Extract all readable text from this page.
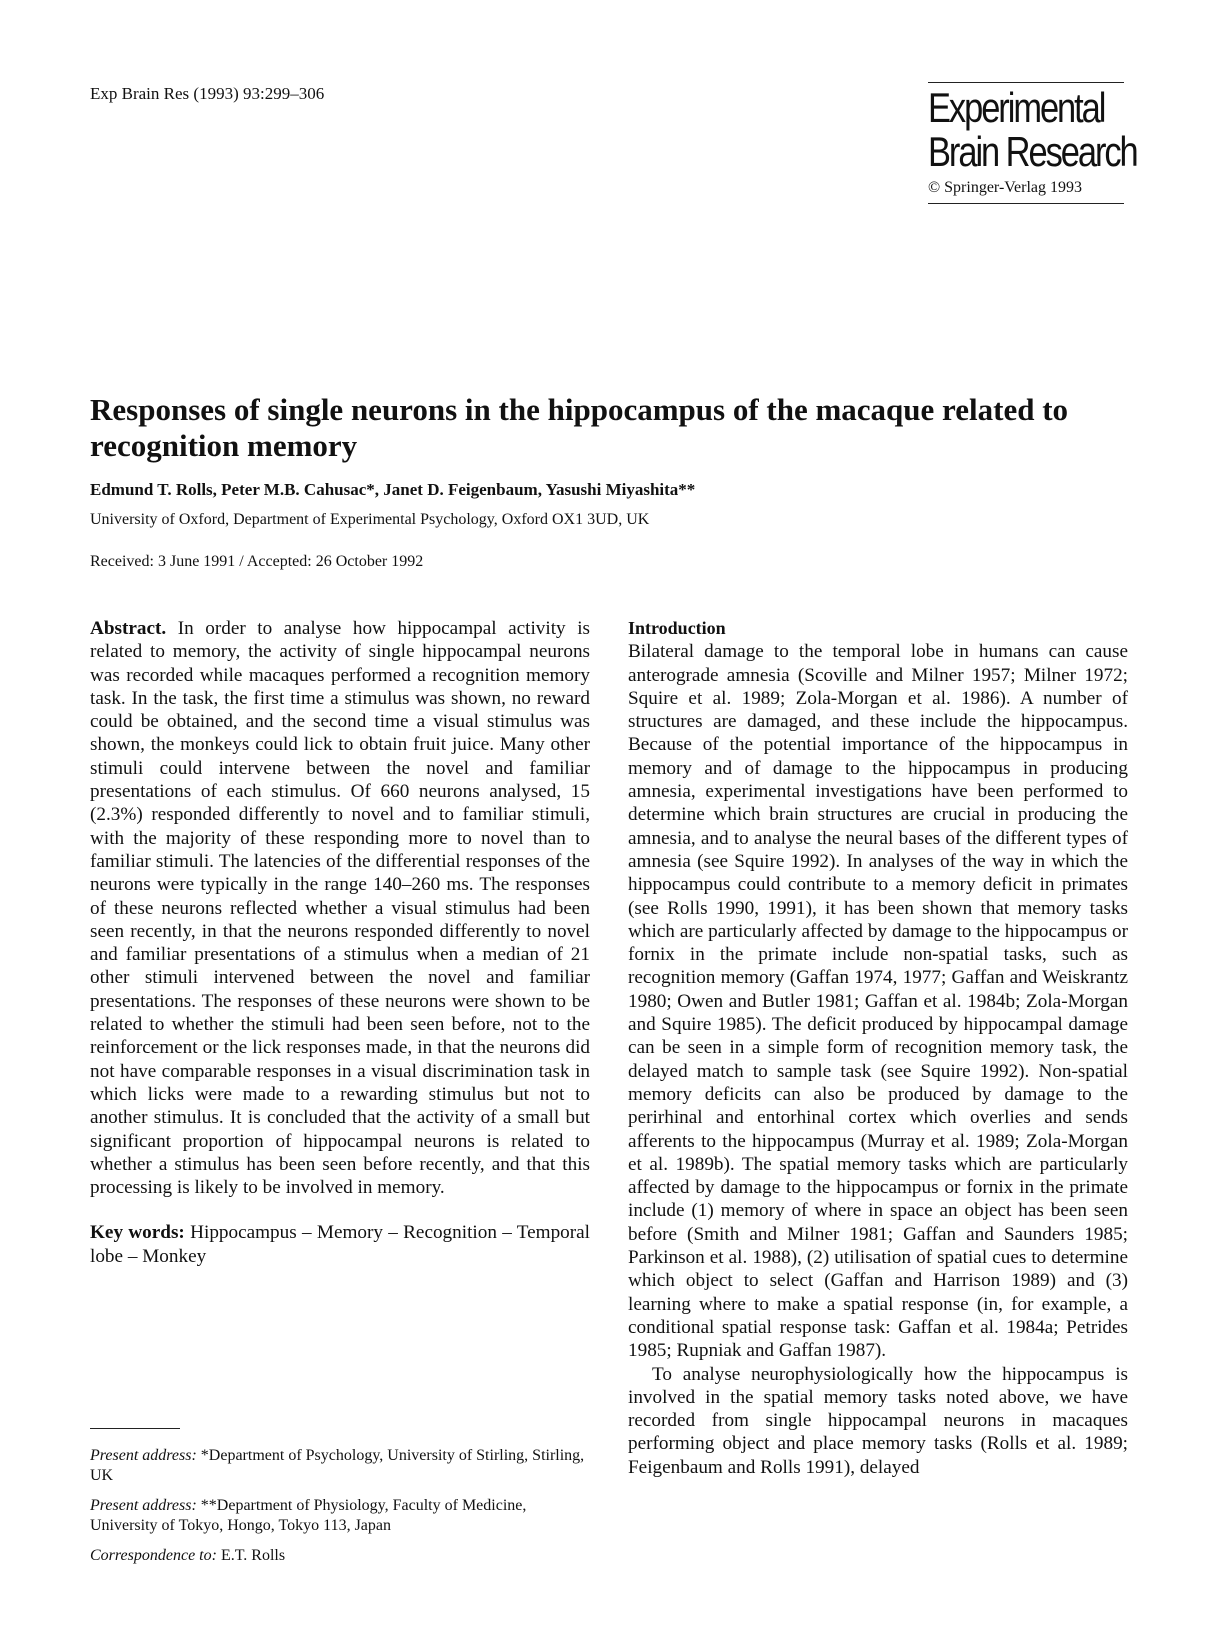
Exp Brain Res (1993) 93:299–306	Experimental
Brain Research
© Springer-Verlag 1993
Responses of single neurons in the hippocampus of the macaque related to recognition memory
Edmund T. Rolls, Peter M.B. Cahusac*, Janet D. Feigenbaum, Yasushi Miyashita**
University of Oxford, Department of Experimental Psychology, Oxford OX1 3UD, UK
Received: 3 June 1991 / Accepted: 26 October 1992

Abstract. In order to analyse how hippocampal activity is related to memory, the activity of single hippocampal neurons was recorded while macaques performed a recognition memory task. In the task, the first time a stimulus was shown, no reward could be obtained, and the second time a visual stimulus was shown, the monkeys could lick to obtain fruit juice. Many other stimuli could intervene between the novel and familiar presentations of each stimulus. Of 660 neurons analysed, 15 (2.3%) responded differently to novel and to familiar stimuli, with the majority of these responding more to novel than to familiar stimuli. The latencies of the differential responses of the neurons were typically in the range 140–260 ms. The responses of these neurons reflected whether a visual stimulus had been seen recently, in that the neurons responded differently to novel and familiar presentations of a stimulus when a median of 21 other stimuli intervened between the novel and familiar presentations. The responses of these neurons were shown to be related to whether the stimuli had been seen before, not to the reinforcement or the lick responses made, in that the neurons did not have comparable responses in a visual discrimination task in which licks were made to a rewarding stimulus but not to another stimulus. It is concluded that the activity of a small but significant proportion of hippocampal neurons is related to whether a stimulus has been seen before recently, and that this processing is likely to be involved in memory.

Key words: Hippocampus – Memory – Recognition – Temporal lobe – Monkey

Introduction

Bilateral damage to the temporal lobe in humans can cause anterograde amnesia (Scoville and Milner 1957; Milner 1972; Squire et al. 1989; Zola-Morgan et al. 1986). A number of structures are damaged, and these include the hippocampus. Because of the potential importance of the hippocampus in memory and of damage to the hippocampus in producing amnesia, experimental investigations have been performed to determine which brain structures are crucial in producing the amnesia, and to analyse the neural bases of the different types of amnesia (see Squire 1992). In analyses of the way in which the hippocampus could contribute to a memory deficit in primates (see Rolls 1990, 1991), it has been shown that memory tasks which are particularly affected by damage to the hippocampus or fornix in the primate include non-spatial tasks, such as recognition memory (Gaffan 1974, 1977; Gaffan and Weiskrantz 1980; Owen and Butler 1981; Gaffan et al. 1984b; Zola-Morgan and Squire 1985). The deficit produced by hippocampal damage can be seen in a simple form of recognition memory task, the delayed match to sample task (see Squire 1992). Non-spatial memory deficits can also be produced by damage to the perirhinal and entorhinal cortex which overlies and sends afferents to the hippocampus (Murray et al. 1989; Zola-Morgan et al. 1989b). The spatial memory tasks which are particularly affected by damage to the hippocampus or fornix in the primate include (1) memory of where in space an object has been seen before (Smith and Milner 1981; Gaffan and Saunders 1985; Parkinson et al. 1988), (2) utilisation of spatial cues to determine which object to select (Gaffan and Harrison 1989) and (3) learning where to make a spatial response (in, for example, a conditional spatial response task: Gaffan et al. 1984a; Petrides 1985; Rupniak and Gaffan 1987).

To analyse neurophysiologically how the hippocampus is involved in the spatial memory tasks noted above, we have recorded from single hippocampal neurons in macaques performing object and place memory tasks (Rolls et al. 1989; Feigenbaum and Rolls 1991), delayed

Present address: *Department of Psychology, University of Stirling, Stirling, UK

Present address: **Department of Physiology, Faculty of Medicine, University of Tokyo, Hongo, Tokyo 113, Japan

Correspondence to: E.T. Rolls
